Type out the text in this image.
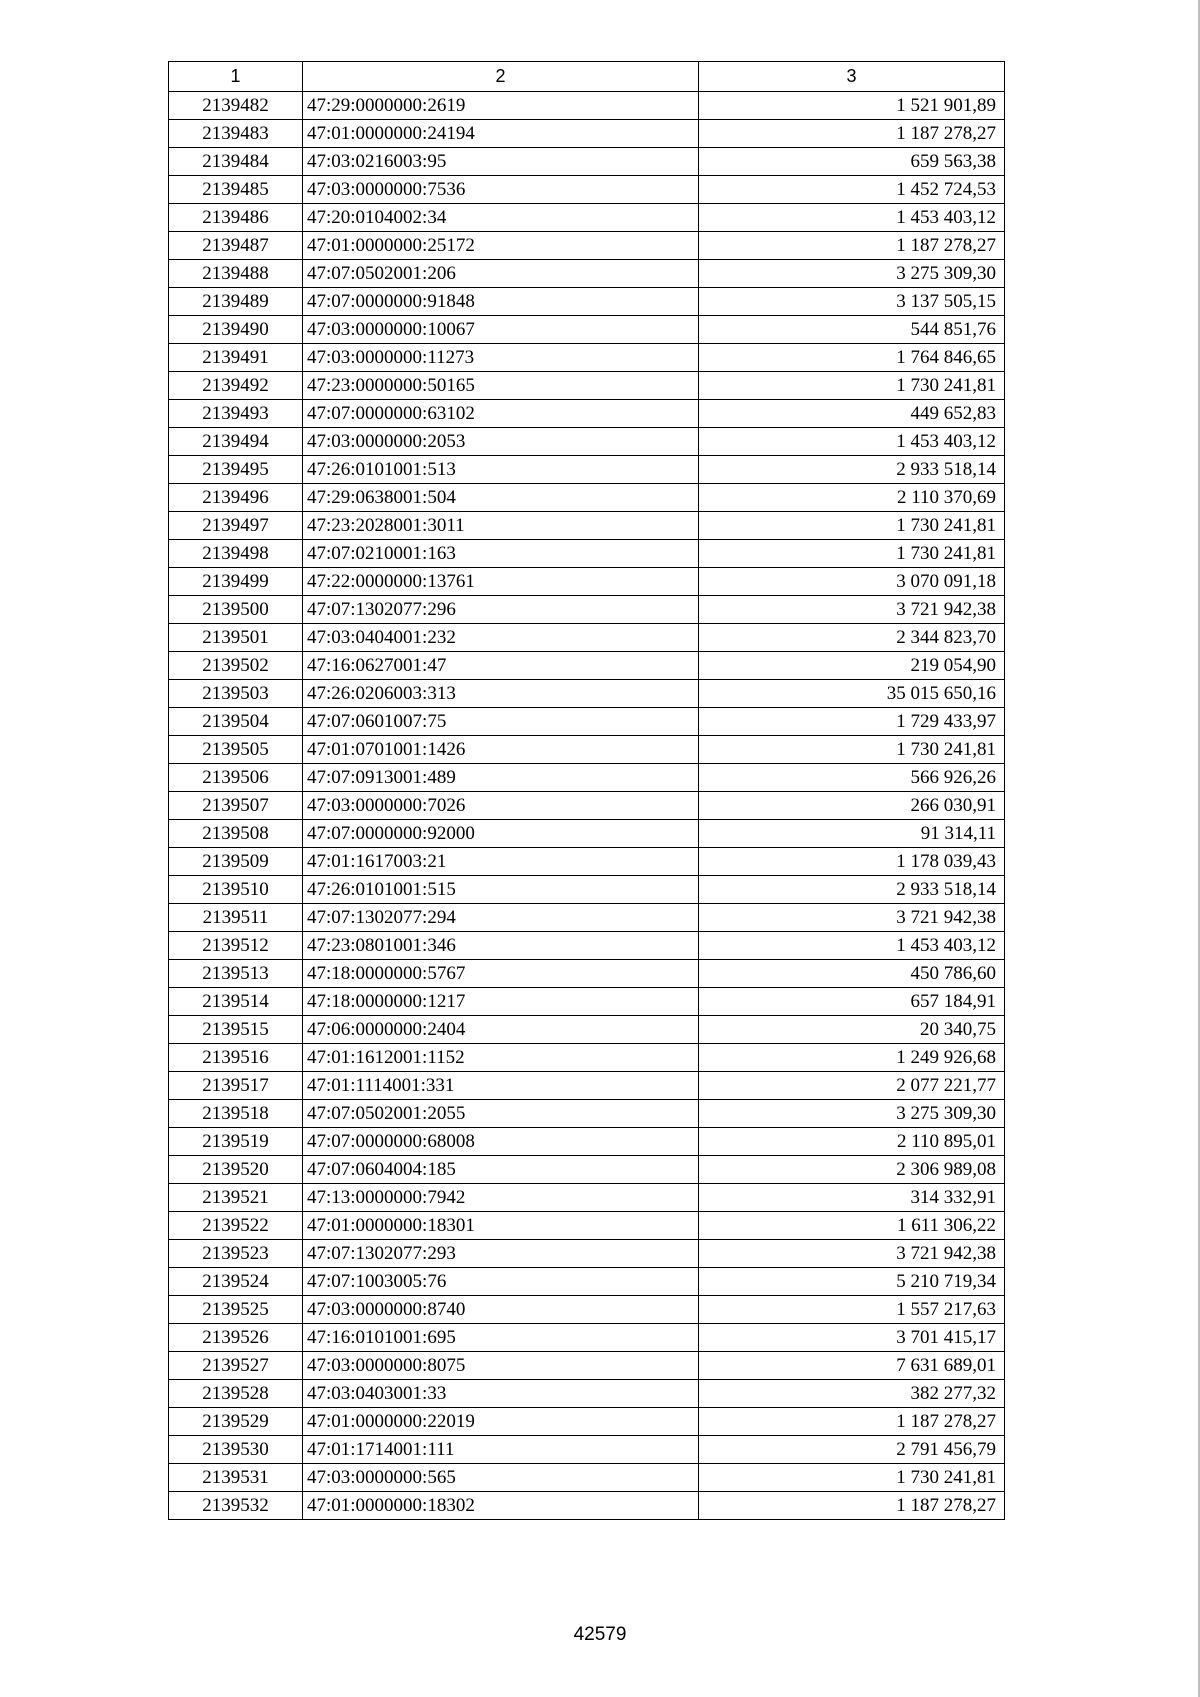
1	2	3
2139482	47:29:0000000:2619	1 521 901,89
2139483	47:01:0000000:24194	1 187 278,27
2139484	47:03:0216003:95	659 563,38
2139485	47:03:0000000:7536	1 452 724,53
2139486	47:20:0104002:34	1 453 403,12
2139487	47:01:0000000:25172	1 187 278,27
2139488	47:07:0502001:206	3 275 309,30
2139489	47:07:0000000:91848	3 137 505,15
2139490	47:03:0000000:10067	544 851,76
2139491	47:03:0000000:11273	1 764 846,65
2139492	47:23:0000000:50165	1 730 241,81
2139493	47:07:0000000:63102	449 652,83
2139494	47:03:0000000:2053	1 453 403,12
2139495	47:26:0101001:513	2 933 518,14
2139496	47:29:0638001:504	2 110 370,69
2139497	47:23:2028001:3011	1 730 241,81
2139498	47:07:0210001:163	1 730 241,81
2139499	47:22:0000000:13761	3 070 091,18
2139500	47:07:1302077:296	3 721 942,38
2139501	47:03:0404001:232	2 344 823,70
2139502	47:16:0627001:47	219 054,90
2139503	47:26:0206003:313	35 015 650,16
2139504	47:07:0601007:75	1 729 433,97
2139505	47:01:0701001:1426	1 730 241,81
2139506	47:07:0913001:489	566 926,26
2139507	47:03:0000000:7026	266 030,91
2139508	47:07:0000000:92000	91 314,11
2139509	47:01:1617003:21	1 178 039,43
2139510	47:26:0101001:515	2 933 518,14
2139511	47:07:1302077:294	3 721 942,38
2139512	47:23:0801001:346	1 453 403,12
2139513	47:18:0000000:5767	450 786,60
2139514	47:18:0000000:1217	657 184,91
2139515	47:06:0000000:2404	20 340,75
2139516	47:01:1612001:1152	1 249 926,68
2139517	47:01:1114001:331	2 077 221,77
2139518	47:07:0502001:2055	3 275 309,30
2139519	47:07:0000000:68008	2 110 895,01
2139520	47:07:0604004:185	2 306 989,08
2139521	47:13:0000000:7942	314 332,91
2139522	47:01:0000000:18301	1 611 306,22
2139523	47:07:1302077:293	3 721 942,38
2139524	47:07:1003005:76	5 210 719,34
2139525	47:03:0000000:8740	1 557 217,63
2139526	47:16:0101001:695	3 701 415,17
2139527	47:03:0000000:8075	7 631 689,01
2139528	47:03:0403001:33	382 277,32
2139529	47:01:0000000:22019	1 187 278,27
2139530	47:01:1714001:111	2 791 456,79
2139531	47:03:0000000:565	1 730 241,81
2139532	47:01:0000000:18302	1 187 278,27
42579
